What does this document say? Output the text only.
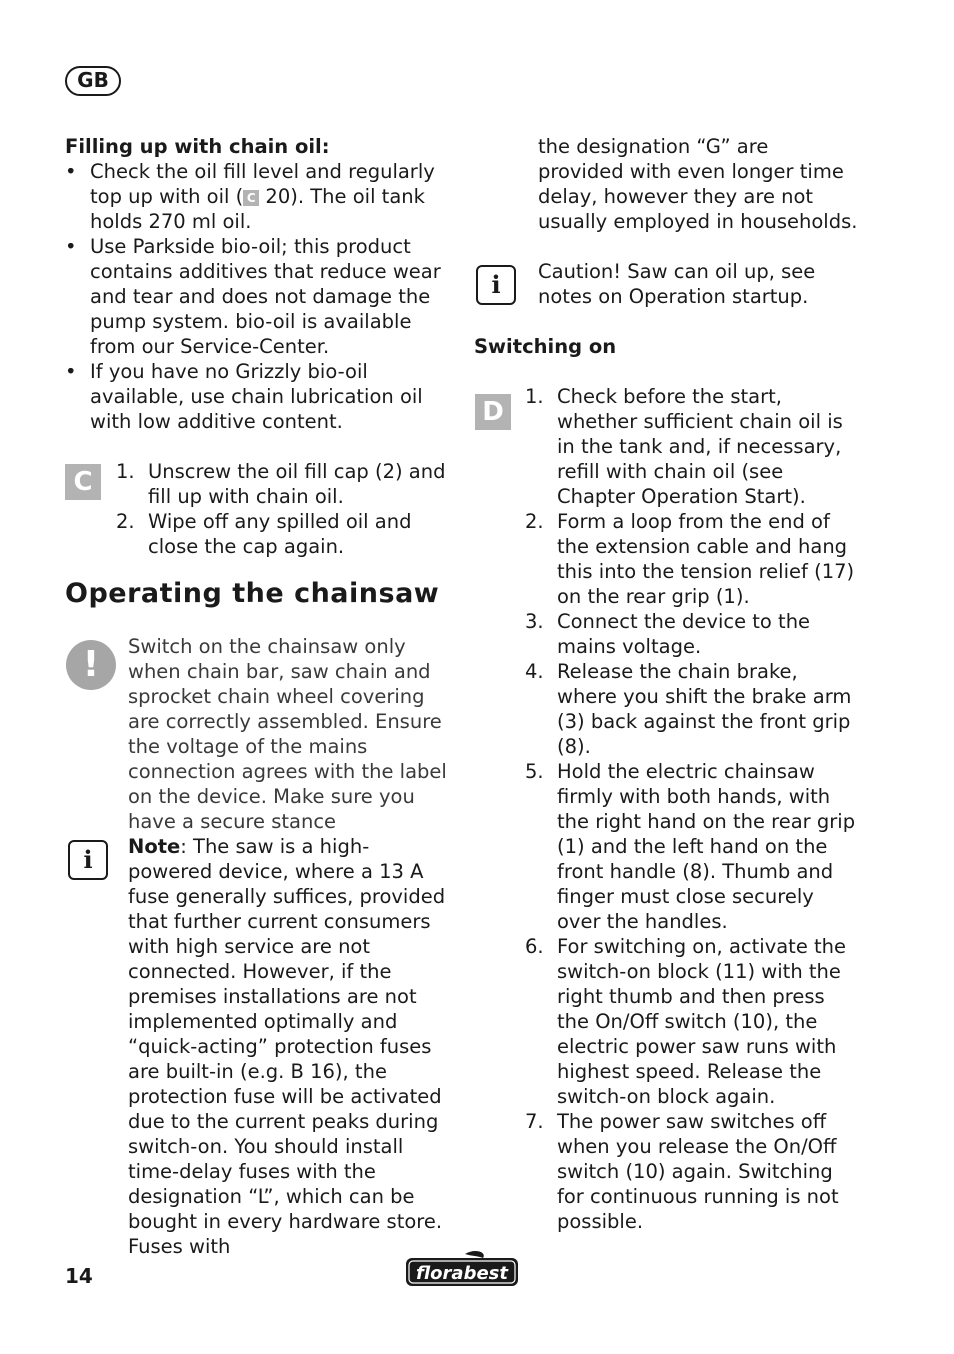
GB
Filling up with chain oil:
• Check the oil fill level and regularly top up with oil ( C 20). The oil tank holds 270 ml oil.
• Use Parkside bio-oil; this product contains additives that reduce wear and tear and does not damage the pump system. bio-oil is available from our Service-Center.
• If you have no Grizzly bio-oil available, use chain lubrication oil with low additive content.
C	1. Unscrew the oil fill cap (2) and fill up with chain oil.
2. Wipe off any spilled oil and close the cap again.
Operating the chainsaw
!	Switch on the chainsaw only when chain bar, saw chain and sprocket chain wheel covering are correctly assembled. Ensure the voltage of the mains connection agrees with the label on the device. Make sure you have a secure stance
i	Note: The saw is a high-powered device, where a 13 A fuse generally suffices, provided that further current consumers with high service are not connected. However, if the premises installations are not implemented optimally and “quick-acting” protection fuses are built-in (e.g. B 16), the protection fuse will be activated due to the current peaks during switch-on. You should install time-delay fuses with the designation “L”, which can be bought in every hardware store. Fuses with
the designation “G” are provided with even longer time delay, however they are not usually employed in households.
i	Caution! Saw can oil up, see notes on Operation startup.
Switching on
D
1. Check before the start, whether sufficient chain oil is in the tank and, if necessary, refill with chain oil (see Chapter Operation Start).
2. Form a loop from the end of the extension cable and hang this into the tension relief (17) on the rear grip (1).
3. Connect the device to the mains voltage.
4. Release the chain brake, where you shift the brake arm (3) back against the front grip (8).
5. Hold the electric chainsaw firmly with both hands, with the right hand on the rear grip (1) and the left hand on the front handle (8). Thumb and finger must close securely over the handles.
6. For switching on, activate the switch-on block (11) with the right thumb and then press the On/Off switch (10), the electric power saw runs with highest speed. Release the switch-on block again.
7. The power saw switches off when you release the On/Off switch (10) again. Switching for continuous running is not possible.
14	florabest
